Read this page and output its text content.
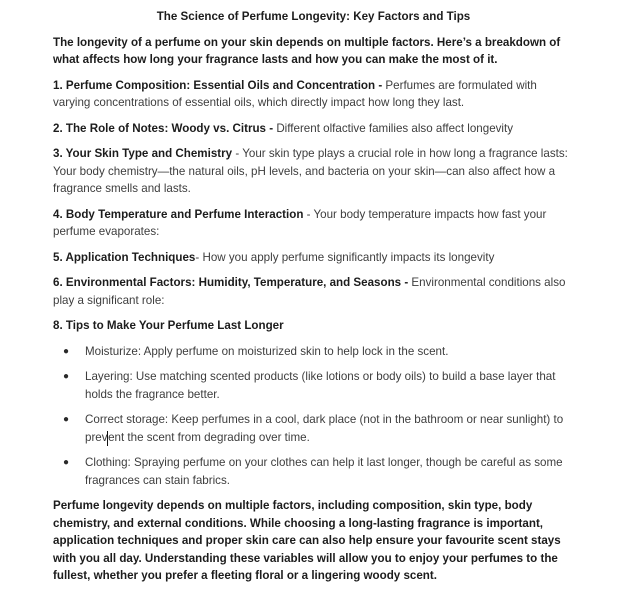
The Science of Perfume Longevity: Key Factors and Tips

The longevity of a perfume on your skin depends on multiple factors. Here’s a breakdown of what affects how long your fragrance lasts and how you can make the most of it.

1. Perfume Composition: Essential Oils and Concentration - Perfumes are formulated with varying concentrations of essential oils, which directly impact how long they last.

2. The Role of Notes: Woody vs. Citrus - Different olfactive families also affect longevity

3. Your Skin Type and Chemistry - Your skin type plays a crucial role in how long a fragrance lasts: Your body chemistry—the natural oils, pH levels, and bacteria on your skin—can also affect how a fragrance smells and lasts.

4. Body Temperature and Perfume Interaction - Your body temperature impacts how fast your perfume evaporates:

5. Application Techniques- How you apply perfume significantly impacts its longevity

6. Environmental Factors: Humidity, Temperature, and Seasons - Environmental conditions also play a significant role:

8. Tips to Make Your Perfume Last Longer

● Moisturize: Apply perfume on moisturized skin to help lock in the scent.
● Layering: Use matching scented products (like lotions or body oils) to build a base layer that holds the fragrance better.
● Correct storage: Keep perfumes in a cool, dark place (not in the bathroom or near sunlight) to prevent the scent from degrading over time.
● Clothing: Spraying perfume on your clothes can help it last longer, though be careful as some fragrances can stain fabrics.

Perfume longevity depends on multiple factors, including composition, skin type, body chemistry, and external conditions. While choosing a long-lasting fragrance is important, application techniques and proper skin care can also help ensure your favourite scent stays with you all day. Understanding these variables will allow you to enjoy your perfumes to the fullest, whether you prefer a fleeting floral or a lingering woody scent.
